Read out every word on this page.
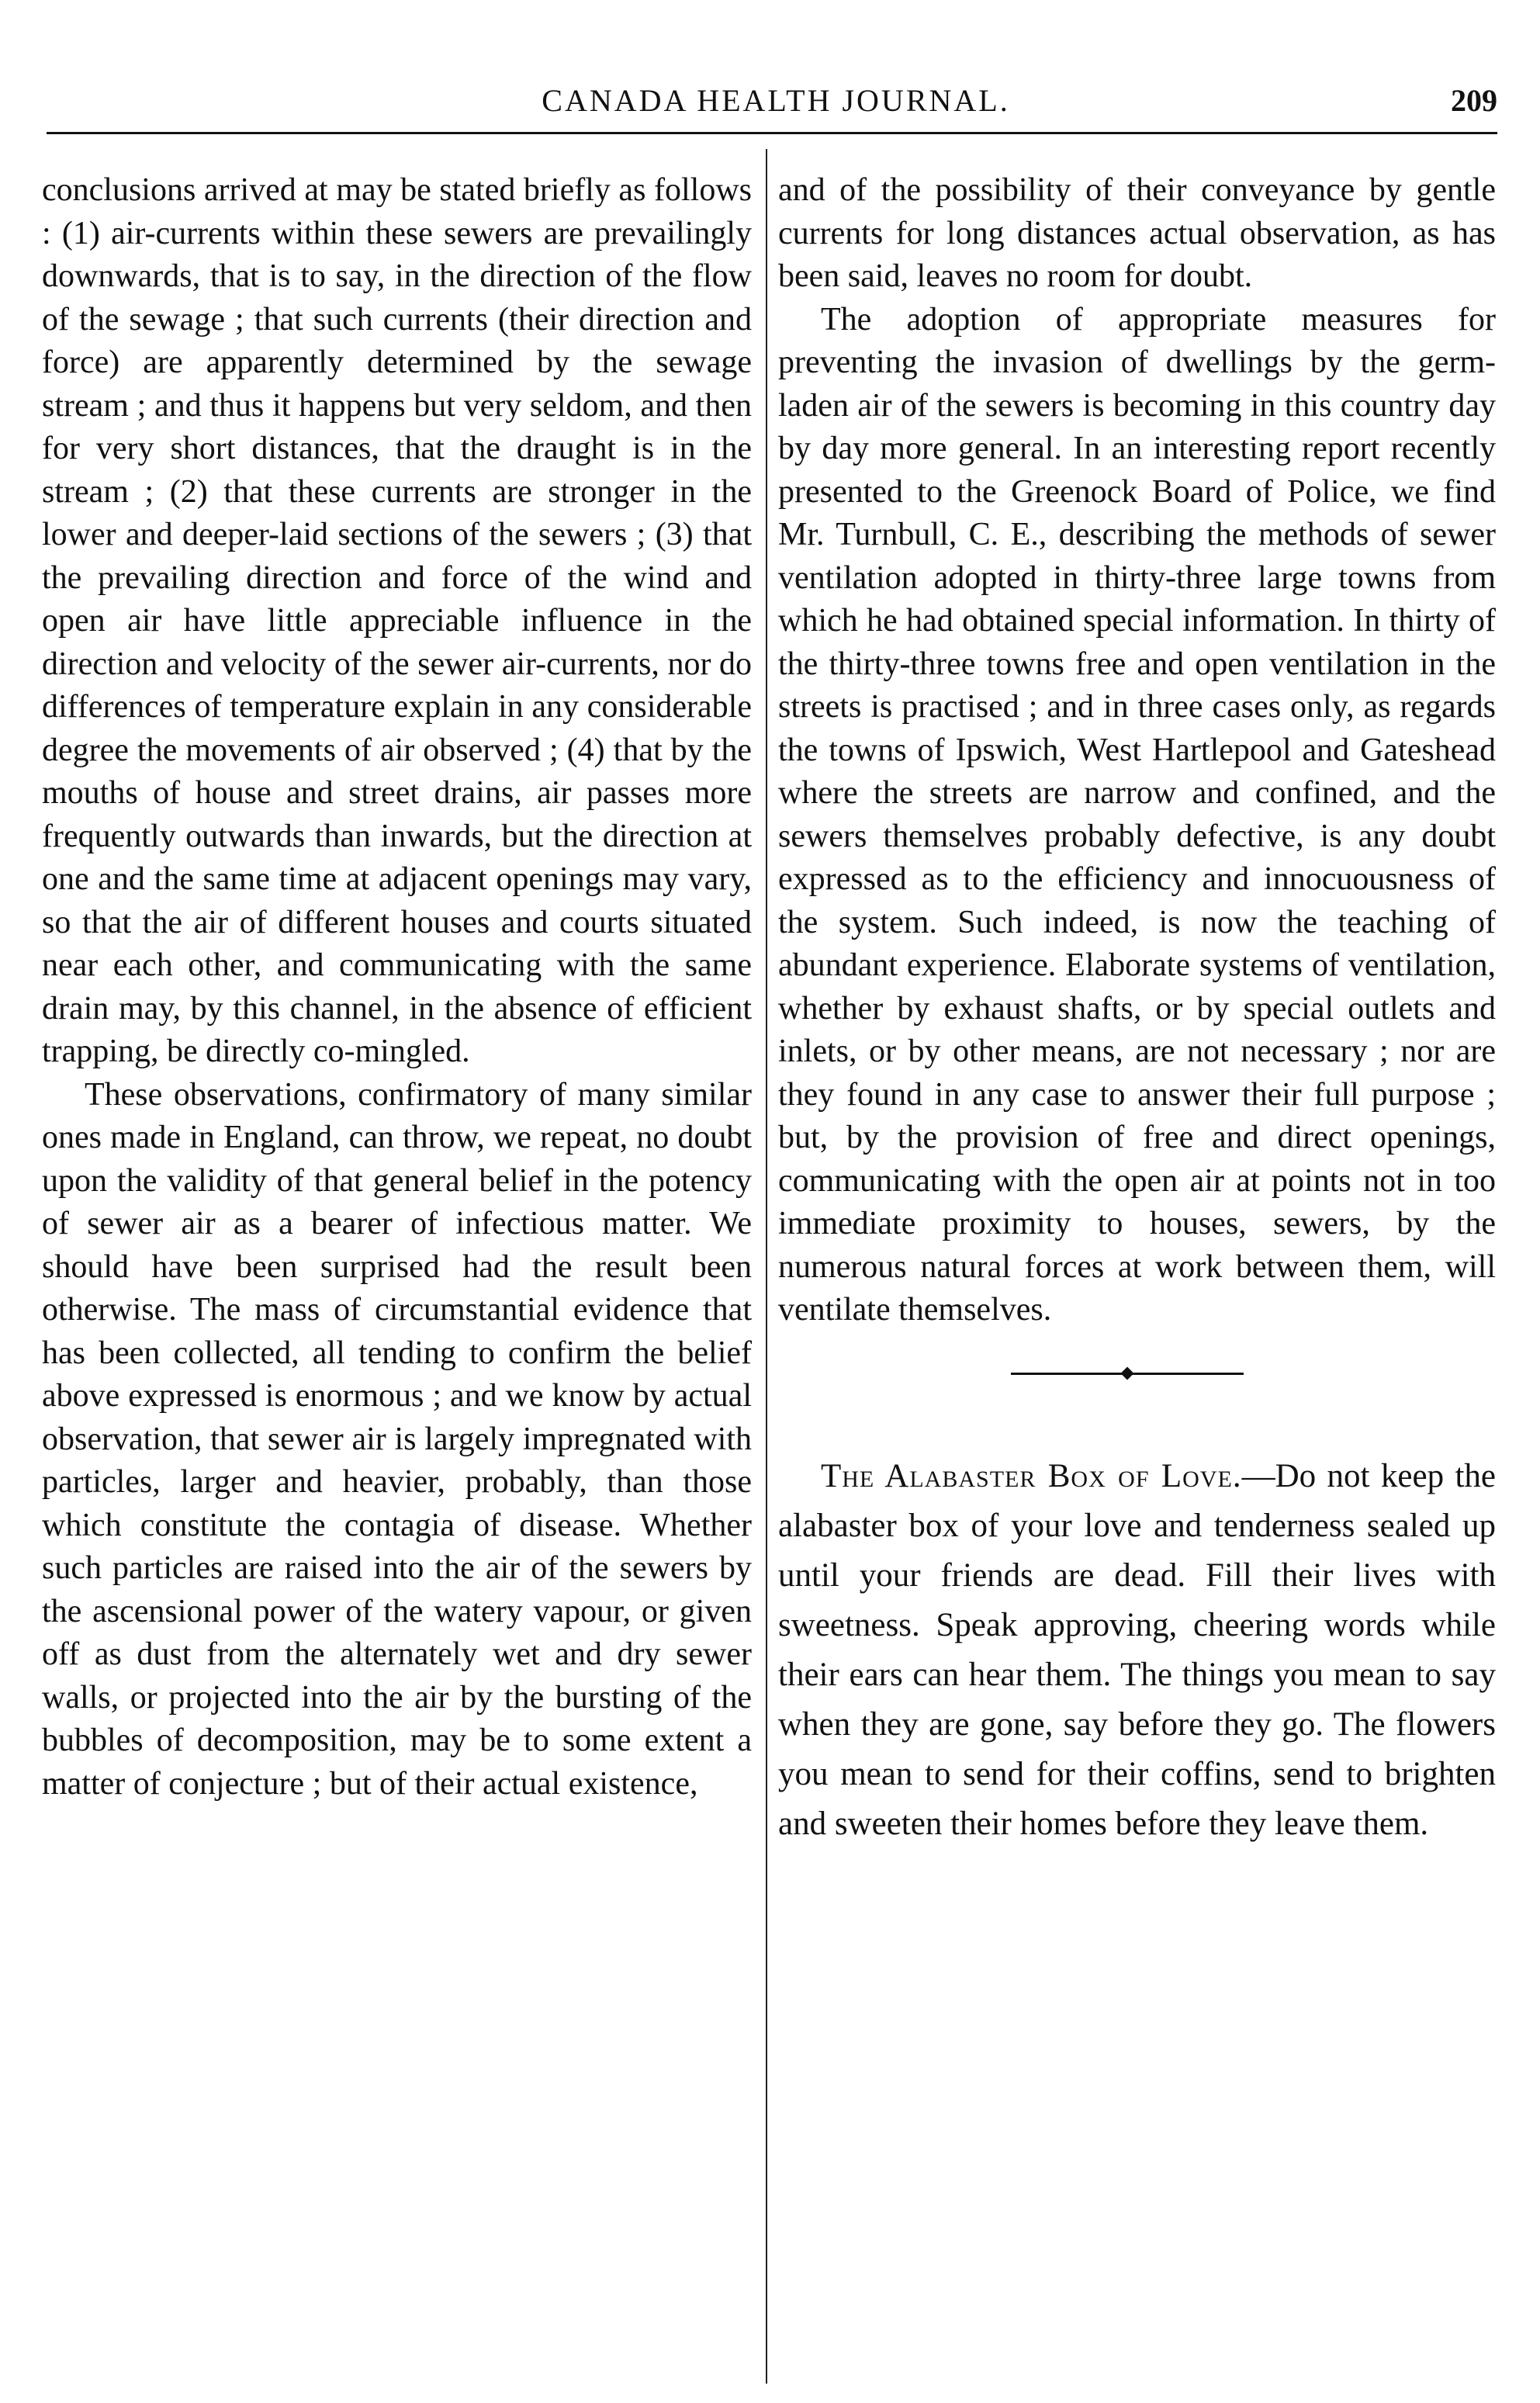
CANADA HEALTH JOURNAL.	209

conclusions arrived at may be stated briefly as follows : (1) air-currents within these sewers are prevailingly downwards, that is to say, in the direction of the flow of the sewage ; that such currents (their direction and force) are apparently determined by the sewage stream ; and thus it happens but very seldom, and then for very short distances, that the draught is in the stream ; (2) that these currents are stronger in the lower and deeper-laid sections of the sewers ; (3) that the prevailing direction and force of the wind and open air have little appreciable influence in the direction and velocity of the sewer air-currents, nor do differences of temperature explain in any considerable degree the movements of air observed ; (4) that by the mouths of house and street drains, air passes more frequently outwards than inwards, but the direction at one and the same time at adjacent openings may vary, so that the air of different houses and courts situated near each other, and communicating with the same drain may, by this channel, in the absence of efficient trapping, be directly co-mingled.

These observations, confirmatory of many similar ones made in England, can throw, we repeat, no doubt upon the validity of that general belief in the potency of sewer air as a bearer of infectious matter. We should have been surprised had the result been otherwise. The mass of circumstantial evidence that has been collected, all tending to confirm the belief above expressed is enormous ; and we know by actual observation, that sewer air is largely impregnated with particles, larger and heavier, probably, than those which constitute the contagia of disease. Whether such particles are raised into the air of the sewers by the ascensional power of the watery vapour, or given off as dust from the alternately wet and dry sewer walls, or projected into the air by the bursting of the bubbles of decomposition, may be to some extent a matter of conjecture ; but of their actual existence,

and of the possibility of their conveyance by gentle currents for long distances actual observation, as has been said, leaves no room for doubt.

The adoption of appropriate measures for preventing the invasion of dwellings by the germ-laden air of the sewers is becoming in this country day by day more general. In an interesting report recently presented to the Greenock Board of Police, we find Mr. Turnbull, C. E., describing the methods of sewer ventilation adopted in thirty-three large towns from which he had obtained special information. In thirty of the thirty-three towns free and open ventilation in the streets is practised ; and in three cases only, as regards the towns of Ipswich, West Hartlepool and Gateshead where the streets are narrow and confined, and the sewers themselves probably defective, is any doubt expressed as to the efficiency and innocuousness of the system. Such indeed, is now the teaching of abundant experience. Elaborate systems of ventilation, whether by exhaust shafts, or by special outlets and inlets, or by other means, are not necessary ; nor are they found in any case to answer their full purpose ; but, by the provision of free and direct openings, communicating with the open air at points not in too immediate proximity to houses, sewers, by the numerous natural forces at work between them, will ventilate themselves.

The Alabaster Box of Love.—Do not keep the alabaster box of your love and tenderness sealed up until your friends are dead. Fill their lives with sweetness. Speak approving, cheering words while their ears can hear them. The things you mean to say when they are gone, say before they go. The flowers you mean to send for their coffins, send to brighten and sweeten their homes before they leave them.
